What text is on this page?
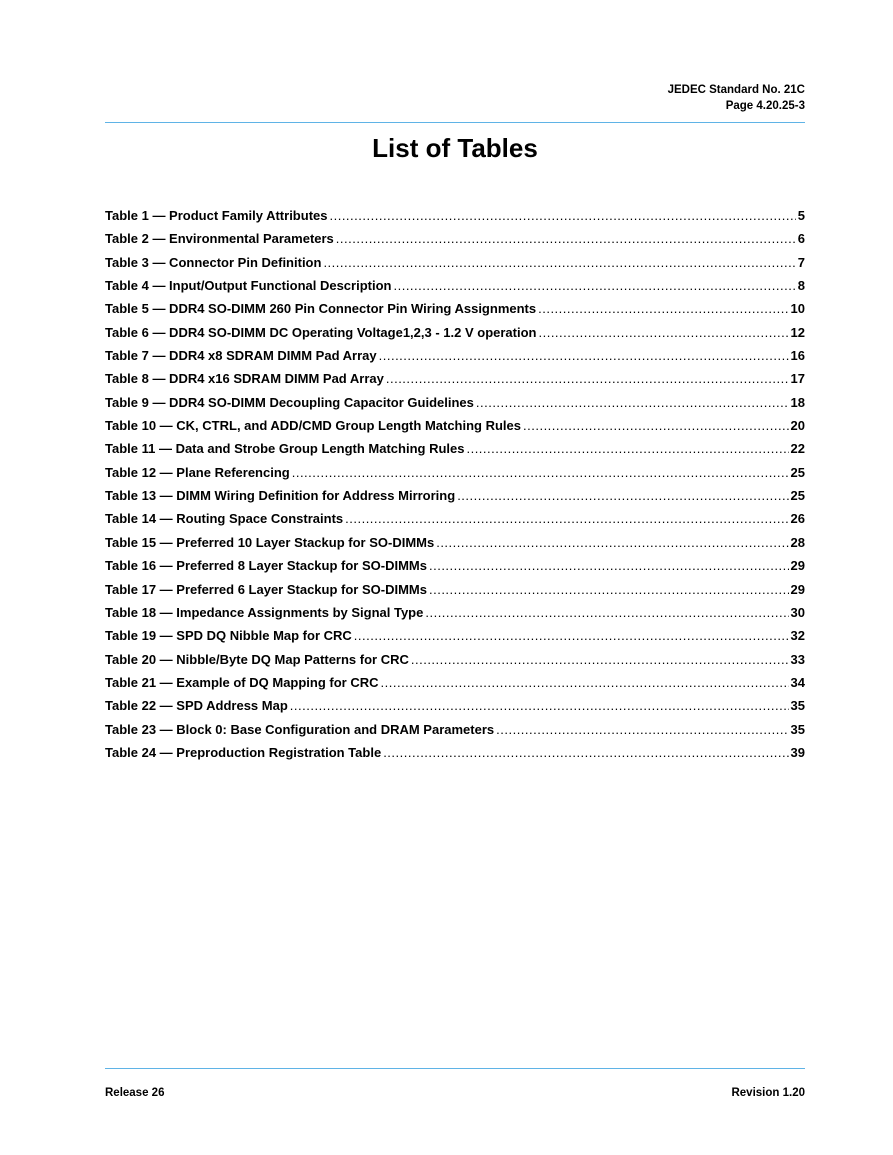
JEDEC Standard No. 21C
Page 4.20.25-3
List of Tables
Table 1 — Product Family Attributes .....	5
Table 2 — Environmental Parameters .....	6
Table 3 — Connector Pin Definition .....	7
Table 4 — Input/Output Functional Description .....	8
Table 5 — DDR4 SO-DIMM 260 Pin Connector Pin Wiring Assignments .....	10
Table 6 — DDR4 SO-DIMM DC Operating Voltage1,2,3 - 1.2 V operation .....	12
Table 7 — DDR4 x8 SDRAM DIMM Pad Array .....	16
Table 8 — DDR4 x16 SDRAM DIMM Pad Array .....	17
Table 9 — DDR4 SO-DIMM Decoupling Capacitor Guidelines .....	18
Table 10 — CK, CTRL, and ADD/CMD Group Length Matching Rules .....	20
Table 11 — Data and Strobe Group Length Matching Rules .....	22
Table 12 — Plane Referencing .....	25
Table 13 — DIMM Wiring Definition for Address Mirroring .....	25
Table 14 — Routing Space Constraints .....	26
Table 15 — Preferred 10 Layer Stackup for SO-DIMMs .....	28
Table 16 — Preferred 8 Layer Stackup for SO-DIMMs .....	29
Table 17 — Preferred 6 Layer Stackup for SO-DIMMs .....	29
Table 18 — Impedance Assignments by Signal Type .....	30
Table 19 — SPD DQ Nibble Map for CRC .....	32
Table 20 — Nibble/Byte DQ Map Patterns for CRC .....	33
Table 21 — Example of DQ Mapping for CRC .....	34
Table 22 — SPD Address Map .....	35
Table 23 — Block 0: Base Configuration and DRAM Parameters .....	35
Table 24 — Preproduction Registration Table .....	39
Release 26	Revision 1.20
